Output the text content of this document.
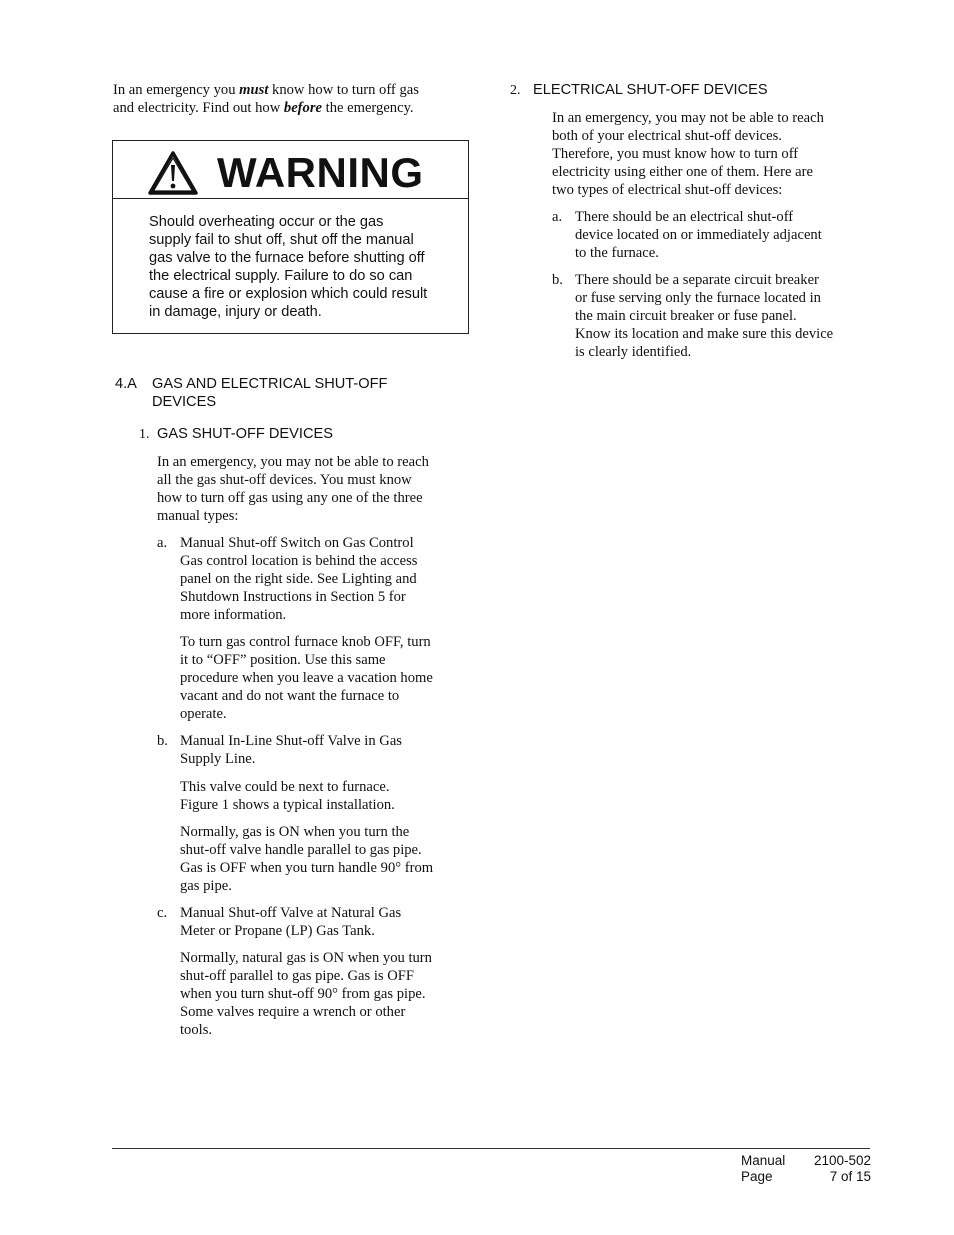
In an emergency you must know how to turn off gas
and electricity. Find out how before the emergency.
WARNING
Should overheating occur or the gas
supply fail to shut off, shut off the manual
gas valve to the furnace before shutting off
the electrical supply. Failure to do so can
cause a fire or explosion which could result
in damage, injury or death.
4.A GAS AND ELECTRICAL SHUT-OFF
DEVICES
1. GAS SHUT-OFF DEVICES
In an emergency, you may not be able to reach
all the gas shut-off devices. You must know
how to turn off gas using any one of the three
manual types:
a. Manual Shut-off Switch on Gas Control
Gas control location is behind the access
panel on the right side. See Lighting and
Shutdown Instructions in Section 5 for
more information.
To turn gas control furnace knob OFF, turn
it to “OFF” position. Use this same
procedure when you leave a vacation home
vacant and do not want the furnace to
operate.
b. Manual In-Line Shut-off Valve in Gas
Supply Line.
This valve could be next to furnace.
Figure 1 shows a typical installation.
Normally, gas is ON when you turn the
shut-off valve handle parallel to gas pipe.
Gas is OFF when you turn handle 90° from
gas pipe.
c. Manual Shut-off Valve at Natural Gas
Meter or Propane (LP) Gas Tank.
Normally, natural gas is ON when you turn
shut-off parallel to gas pipe. Gas is OFF
when you turn shut-off 90° from gas pipe.
Some valves require a wrench or other
tools.
2. ELECTRICAL SHUT-OFF DEVICES
In an emergency, you may not be able to reach
both of your electrical shut-off devices.
Therefore, you must know how to turn off
electricity using either one of them. Here are
two types of electrical shut-off devices:
a. There should be an electrical shut-off
device located on or immediately adjacent
to the furnace.
b. There should be a separate circuit breaker
or fuse serving only the furnace located in
the main circuit breaker or fuse panel.
Know its location and make sure this device
is clearly identified.
Manual
Page
2100-502
7 of 15
